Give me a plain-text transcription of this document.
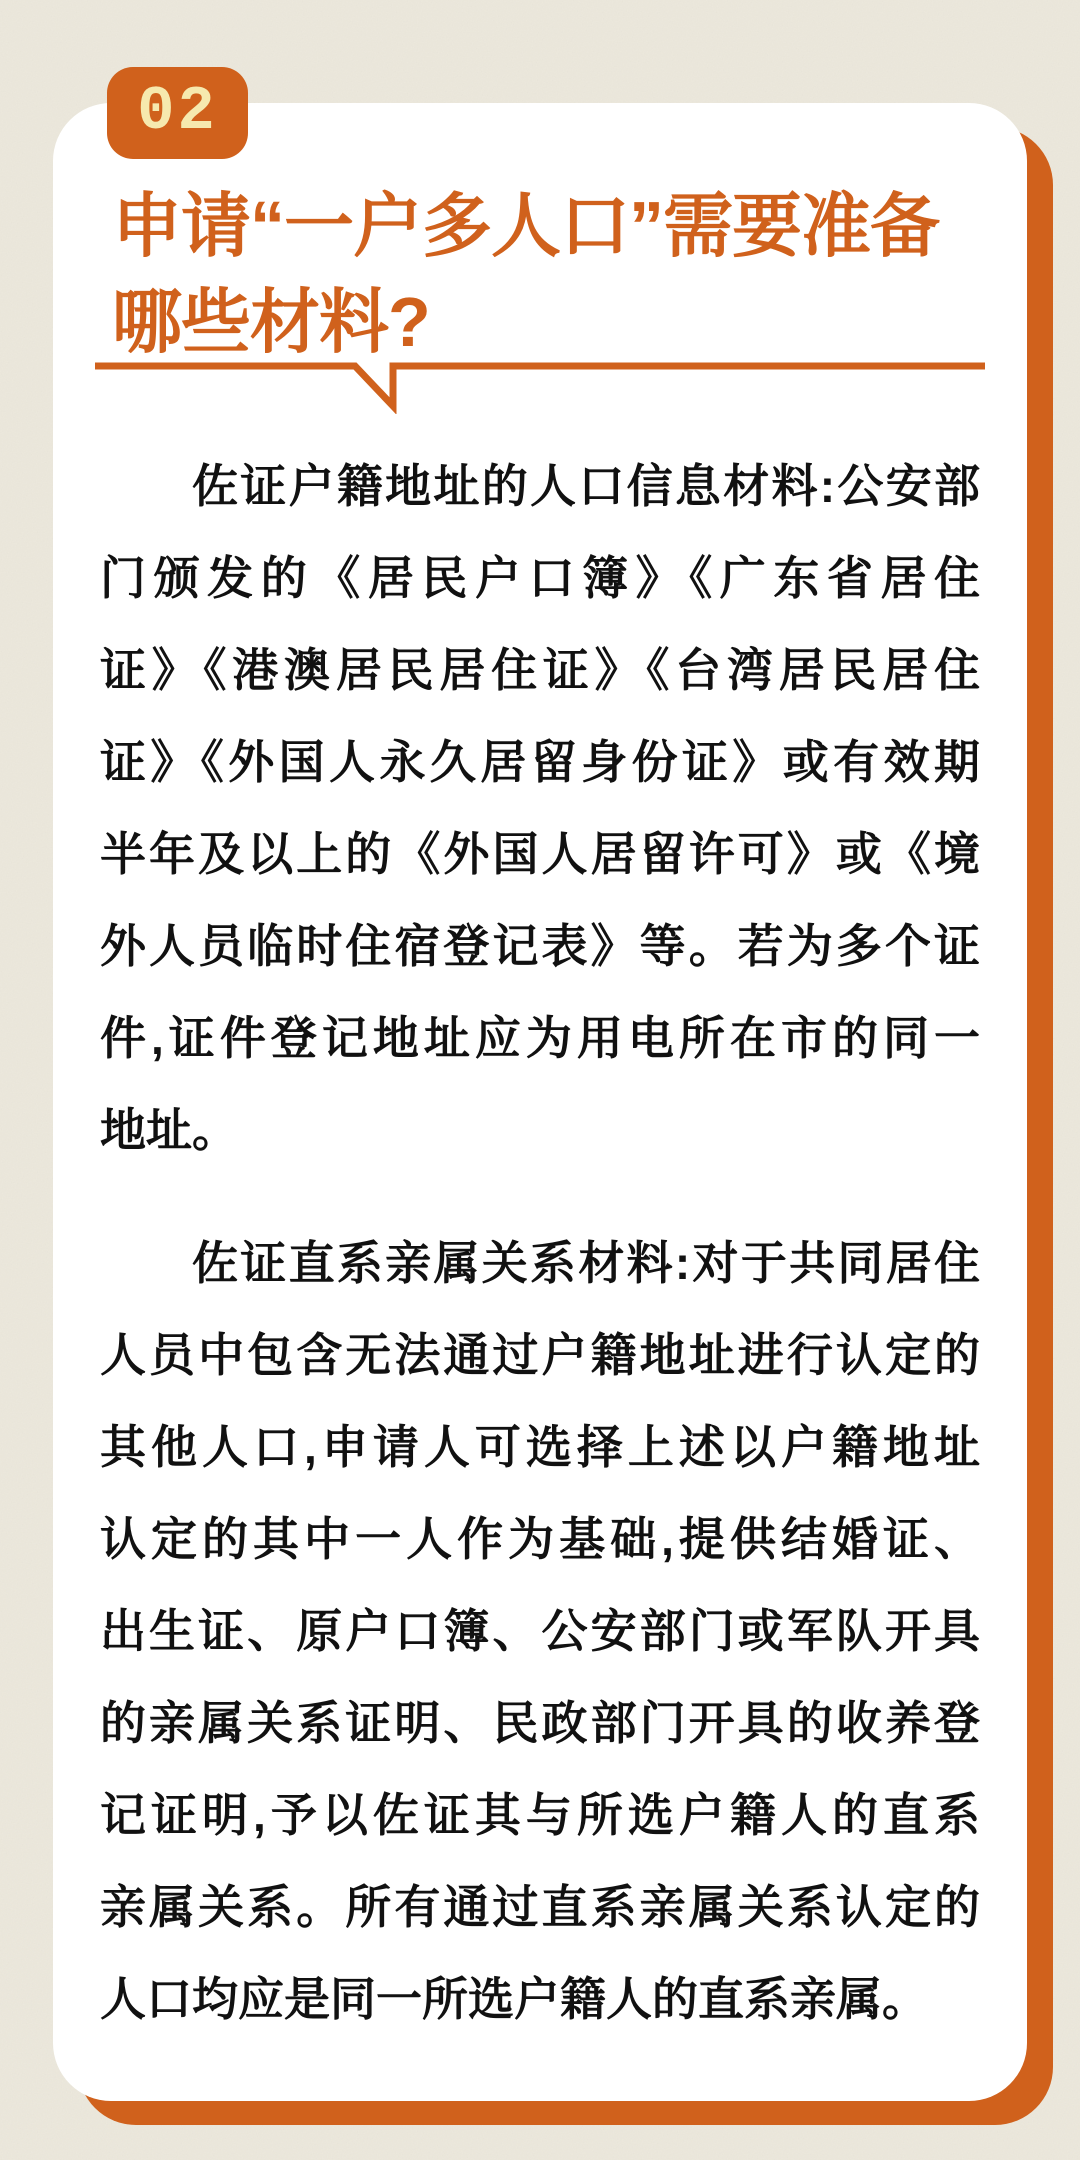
02
申请“一户多人口”需要准备
哪些材料?
佐证户籍地址的人口信息材料:公安部
门颁发的《居民户口簿》《广东省居住
证》《港澳居民居住证》《台湾居民居住
证》《外国人永久居留身份证》或有效期
半年及以上的《外国人居留许可》或《境
外人员临时住宿登记表》等。若为多个证
件,证件登记地址应为用电所在市的同一
地址。
佐证直系亲属关系材料:对于共同居住
人员中包含无法通过户籍地址进行认定的
其他人口,申请人可选择上述以户籍地址
认定的其中一人作为基础,提供结婚证、
出生证、原户口簿、公安部门或军队开具
的亲属关系证明、民政部门开具的收养登
记证明,予以佐证其与所选户籍人的直系
亲属关系。所有通过直系亲属关系认定的
人口均应是同一所选户籍人的直系亲属。
